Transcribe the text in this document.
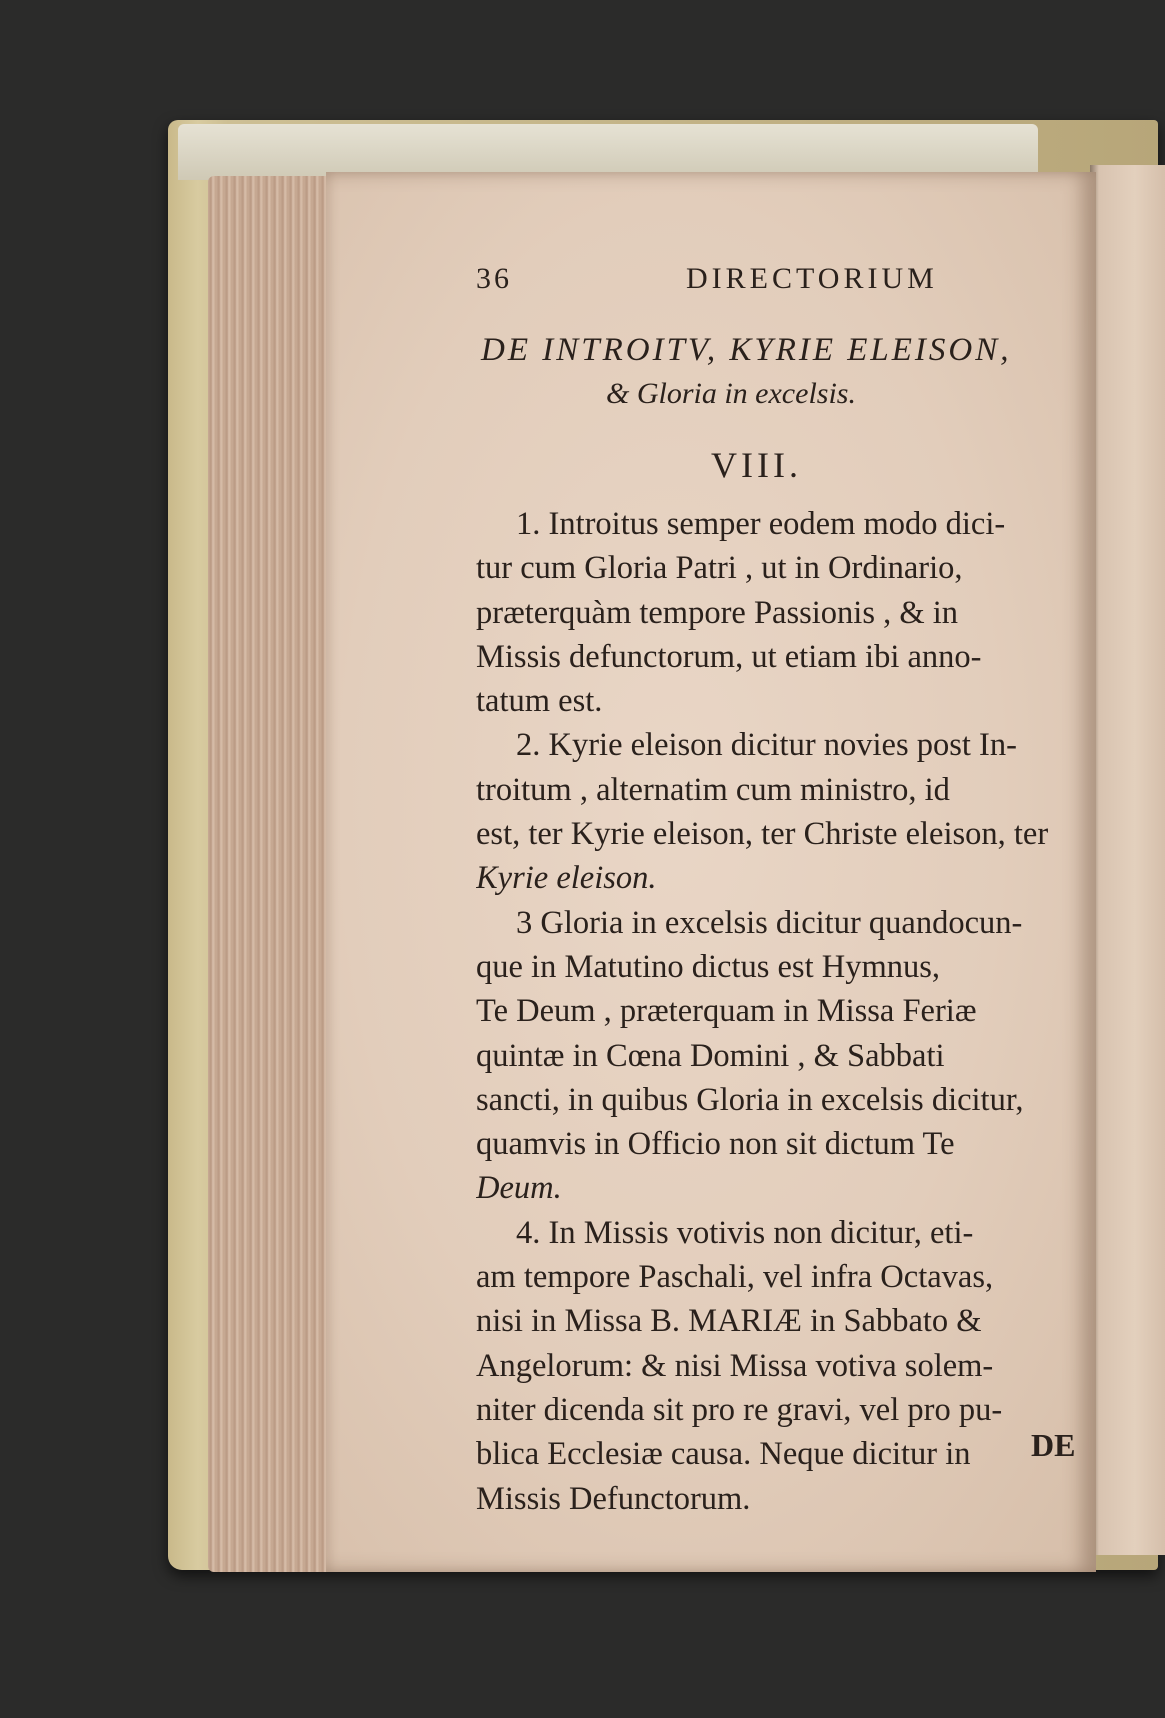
36	DIRECTORIUM
DE INTROITV, KYRIE ELEISON,
& Gloria in excelsis.
VIII.
1. Introitus semper eodem modo dici-
tur cum Gloria Patri , ut in Ordinario,
præterquàm tempore Passionis , & in
Missis defunctorum, ut etiam ibi anno-
tatum est.
2. Kyrie eleison dicitur novies post In-
troitum , alternatim cum ministro, id
est, ter Kyrie eleison, ter Christe eleison, ter
Kyrie eleison.
3 Gloria in excelsis dicitur quandocun-
que in Matutino dictus est Hymnus,
Te Deum , præterquam in Missa Feriæ
quintæ in Cœna Domini , & Sabbati
sancti, in quibus Gloria in excelsis dicitur,
quamvis in Officio non sit dictum Te
Deum.
4. In Missis votivis non dicitur, eti-
am tempore Paschali, vel infra Octavas,
nisi in Missa B. MARIÆ in Sabbato &
Angelorum: & nisi Missa votiva solem-
niter dicenda sit pro re gravi, vel pro pu-
blica Ecclesiæ causa. Neque dicitur in
Missis Defunctorum.
DE
